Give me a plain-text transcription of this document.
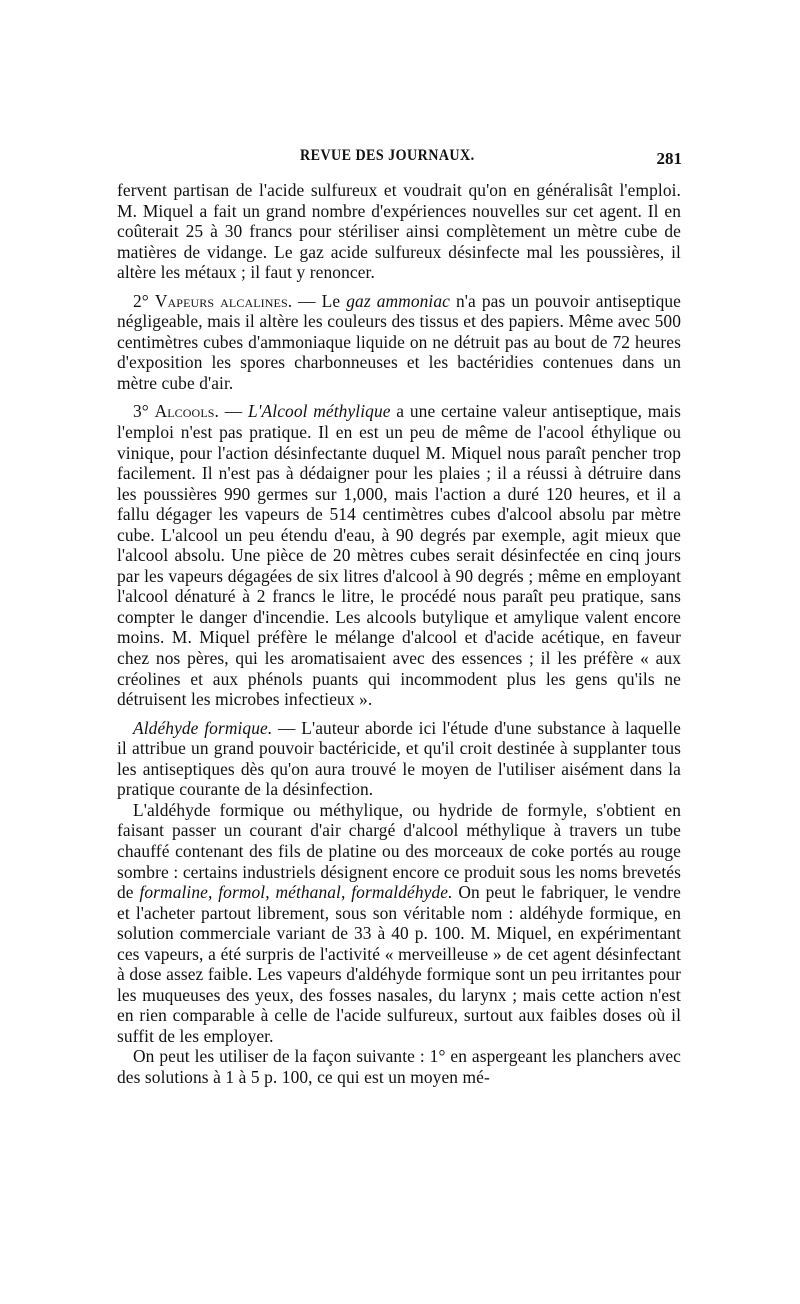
REVUE DES JOURNAUX.	281

fervent partisan de l'acide sulfureux et voudrait qu'on en généralisât l'emploi. M. Miquel a fait un grand nombre d'expériences nouvelles sur cet agent. Il en coûterait 25 à 30 francs pour stériliser ainsi complètement un mètre cube de matières de vidange. Le gaz acide sulfureux désinfecte mal les poussières, il altère les métaux ; il faut y renoncer.

2° Vapeurs alcalines. — Le gaz ammoniac n'a pas un pouvoir antiseptique négligeable, mais il altère les couleurs des tissus et des papiers. Même avec 500 centimètres cubes d'ammoniaque liquide on ne détruit pas au bout de 72 heures d'exposition les spores charbonneuses et les bactéridies contenues dans un mètre cube d'air.

3° Alcools. — L'Alcool méthylique a une certaine valeur antiseptique, mais l'emploi n'est pas pratique. Il en est un peu de même de l'acool éthylique ou vinique, pour l'action désinfectante duquel M. Miquel nous paraît pencher trop facilement. Il n'est pas à dédaigner pour les plaies ; il a réussi à détruire dans les poussières 990 germes sur 1,000, mais l'action a duré 120 heures, et il a fallu dégager les vapeurs de 514 centimètres cubes d'alcool absolu par mètre cube. L'alcool un peu étendu d'eau, à 90 degrés par exemple, agit mieux que l'alcool absolu. Une pièce de 20 mètres cubes serait désinfectée en cinq jours par les vapeurs dégagées de six litres d'alcool à 90 degrés ; même en employant l'alcool dénaturé à 2 francs le litre, le procédé nous paraît peu pratique, sans compter le danger d'incendie. Les alcools butylique et amylique valent encore moins. M. Miquel préfère le mélange d'alcool et d'acide acétique, en faveur chez nos pères, qui les aromatisaient avec des essences ; il les préfère « aux créolines et aux phénols puants qui incommodent plus les gens qu'ils ne détruisent les microbes infectieux ».

Aldéhyde formique. — L'auteur aborde ici l'étude d'une substance à laquelle il attribue un grand pouvoir bactéricide, et qu'il croit destinée à supplanter tous les antiseptiques dès qu'on aura trouvé le moyen de l'utiliser aisément dans la pratique courante de la désinfection.

L'aldéhyde formique ou méthylique, ou hydride de formyle, s'obtient en faisant passer un courant d'air chargé d'alcool méthylique à travers un tube chauffé contenant des fils de platine ou des morceaux de coke portés au rouge sombre : certains industriels désignent encore ce produit sous les noms brevetés de formaline, formol, méthanal, formaldéhyde. On peut le fabriquer, le vendre et l'acheter partout librement, sous son véritable nom : aldéhyde formique, en solution commerciale variant de 33 à 40 p. 100. M. Miquel, en expérimentant ces vapeurs, a été surpris de l'activité « merveilleuse » de cet agent désinfectant à dose assez faible. Les vapeurs d'aldéhyde formique sont un peu irritantes pour les muqueuses des yeux, des fosses nasales, du larynx ; mais cette action n'est en rien comparable à celle de l'acide sulfureux, surtout aux faibles doses où il suffit de les employer.

On peut les utiliser de la façon suivante : 1° en aspergeant les planchers avec des solutions à 1 à 5 p. 100, ce qui est un moyen mé-
